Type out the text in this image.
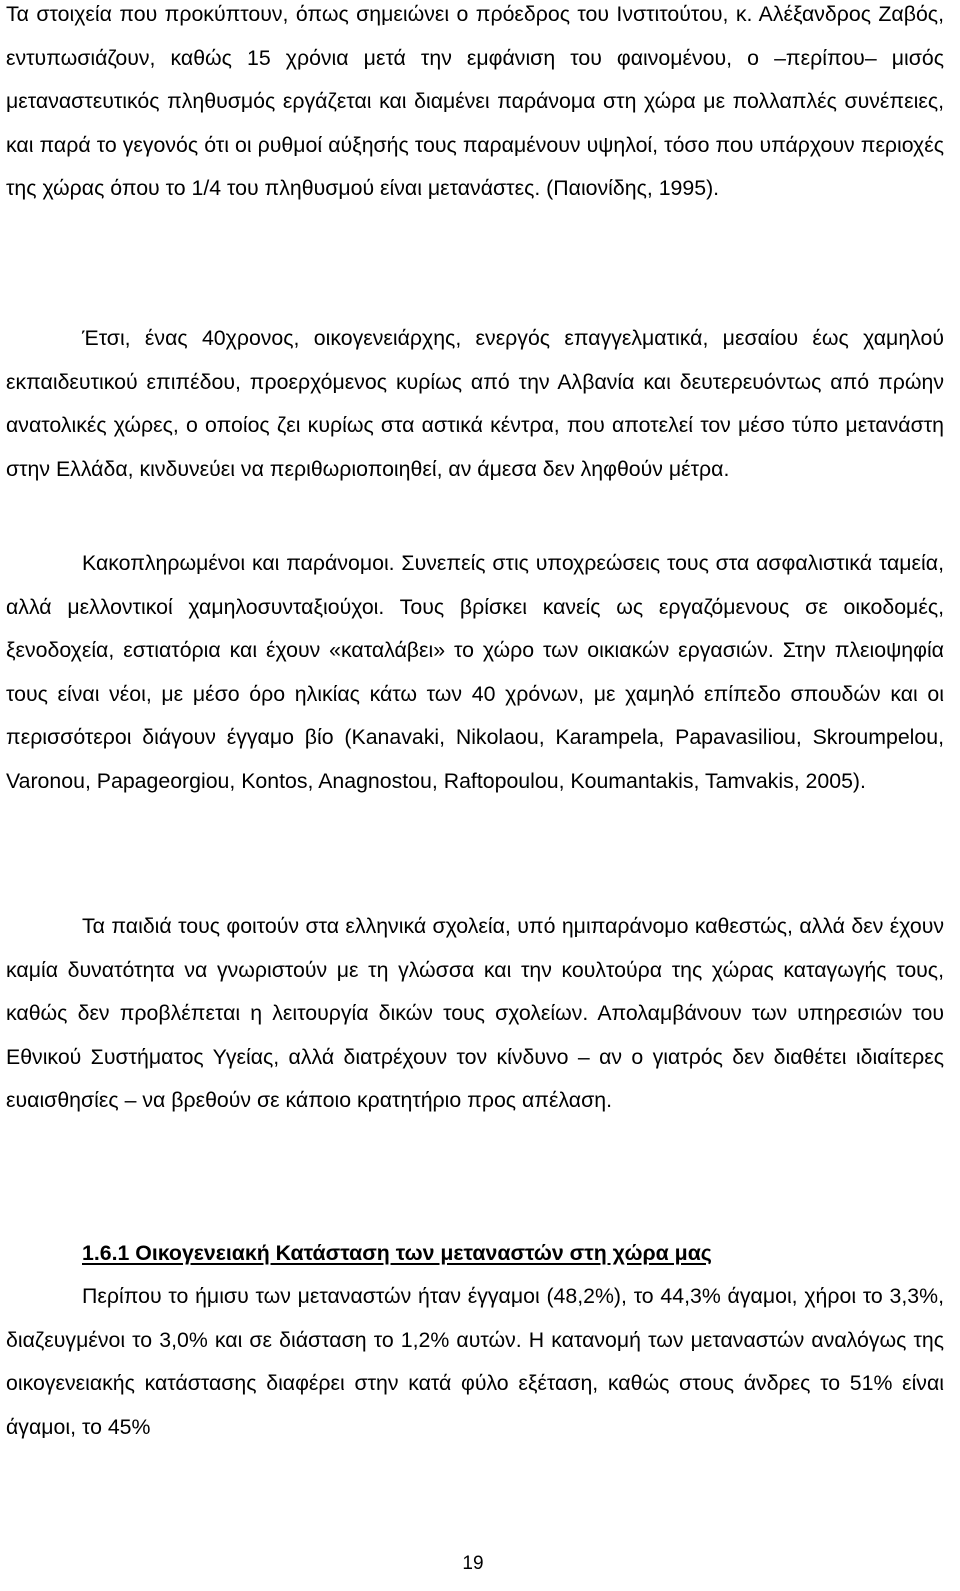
Τα στοιχεία που προκύπτουν, όπως σημειώνει ο πρόεδρος του Ινστιτούτου, κ. Αλέξανδρος Ζαβός, εντυπωσιάζουν, καθώς 15 χρόνια μετά την εμφάνιση του φαινομένου, ο –περίπου– μισός μεταναστευτικός πληθυσμός εργάζεται και διαμένει παράνομα στη χώρα με πολλαπλές συνέπειες, και παρά το γεγονός ότι οι ρυθμοί αύξησής τους παραμένουν υψηλοί, τόσο που υπάρχουν περιοχές της χώρας όπου το 1/4 του πληθυσμού είναι μετανάστες. (Παιονίδης, 1995).

Έτσι, ένας 40χρονος, οικογενειάρχης, ενεργός επαγγελματικά, μεσαίου έως χαμηλού εκπαιδευτικού επιπέδου, προερχόμενος κυρίως από την Αλβανία και δευτερευόντως από πρώην ανατολικές χώρες, ο οποίος ζει κυρίως στα αστικά κέντρα, που αποτελεί τον μέσο τύπο μετανάστη στην Ελλάδα, κινδυνεύει να περιθωριοποιηθεί, αν άμεσα δεν ληφθούν μέτρα.

Κακοπληρωμένοι και παράνομοι. Συνεπείς στις υποχρεώσεις τους στα ασφαλιστικά ταμεία, αλλά μελλοντικοί χαμηλοσυνταξιούχοι. Τους βρίσκει κανείς ως εργαζόμενους σε οικοδομές, ξενοδοχεία, εστιατόρια και έχουν «καταλάβει» το χώρο των οικιακών εργασιών. Στην πλειοψηφία τους είναι νέοι, με μέσο όρο ηλικίας κάτω των 40 χρόνων, με χαμηλό επίπεδο σπουδών και οι περισσότεροι διάγουν έγγαμο βίο (Kanavaki, Nikolaou, Karampela, Papavasiliou, Skroumpelou, Varonou, Papageorgiou, Kontos, Anagnostou, Raftopoulou, Koumantakis, Tamvakis, 2005).

Τα παιδιά τους φοιτούν στα ελληνικά σχολεία, υπό ημιπαράνομο καθεστώς, αλλά δεν έχουν καμία δυνατότητα να γνωριστούν με τη γλώσσα και την κουλτούρα της χώρας καταγωγής τους, καθώς δεν προβλέπεται η λειτουργία δικών τους σχολείων. Απολαμβάνουν των υπηρεσιών του Εθνικού Συστήματος Υγείας, αλλά διατρέχουν τον κίνδυνο – αν ο γιατρός δεν διαθέτει ιδιαίτερες ευαισθησίες – να βρεθούν σε κάποιο κρατητήριο προς απέλαση.

1.6.1 Οικογενειακή Κατάσταση των μεταναστών στη χώρα μας

Περίπου το ήμισυ των μεταναστών ήταν έγγαμοι (48,2%), το 44,3% άγαμοι, χήροι το 3,3%, διαζευγμένοι το 3,0% και σε διάσταση το 1,2% αυτών. Η κατανομή των μεταναστών αναλόγως της οικογενειακής κατάστασης διαφέρει στην κατά φύλο εξέταση, καθώς στους άνδρες το 51% είναι άγαμοι, το 45%

19
